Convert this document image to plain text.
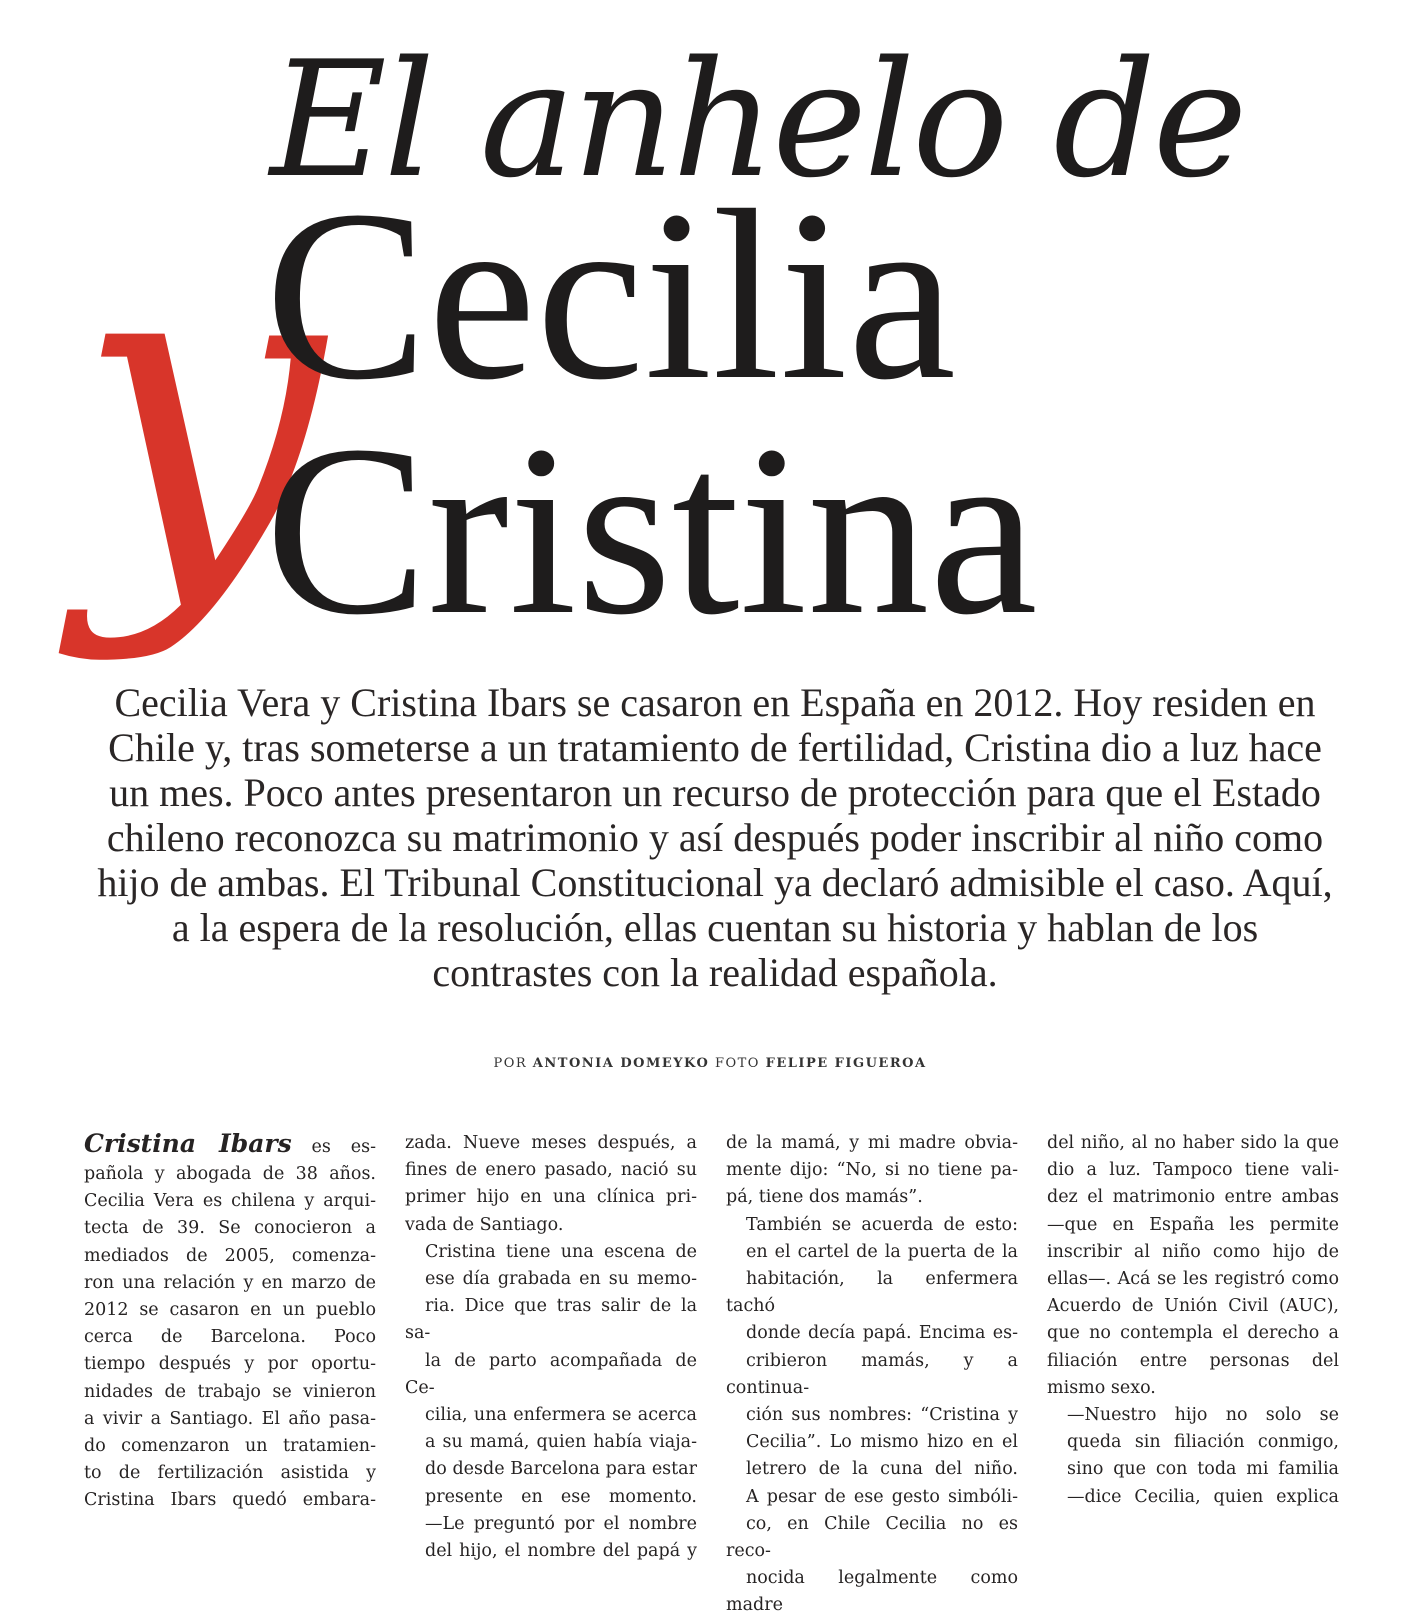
y
El anhelo de
Cecilia
Cristina
Cecilia Vera y Cristina Ibars se casaron en España en 2012. Hoy residen en Chile y, tras someterse a un tratamiento de fertilidad, Cristina dio a luz hace un mes. Poco antes presentaron un recurso de protección para que el Estado chileno reconozca su matrimonio y así después poder inscribir al niño como hijo de ambas. El Tribunal Constitucional ya declaró admisible el caso. Aquí, a la espera de la resolución, ellas cuentan su historia y hablan de los contrastes con la realidad española.
POR ANTONIA DOMEYKO FOTO FELIPE FIGUEROA

Cristina Ibars es es-
pañola y abogada de 38 años.
Cecilia Vera es chilena y arqui-
tecta de 39. Se conocieron a
mediados de 2005, comenza-
ron una relación y en marzo de
2012 se casaron en un pueblo
cerca de Barcelona. Poco
tiempo después y por oportu-
nidades de trabajo se vinieron
a vivir a Santiago. El año pasa-
do comenzaron un tratamien-
to de fertilización asistida y
Cristina Ibars quedó embara-

zada. Nueve meses después, a
fines de enero pasado, nació su
primer hijo en una clínica pri-
vada de Santiago.

Cristina tiene una escena de
ese día grabada en su memo-
ria. Dice que tras salir de la sa-
la de parto acompañada de Ce-
cilia, una enfermera se acerca
a su mamá, quien había viaja-
do desde Barcelona para estar
presente en ese momento.

—Le preguntó por el nombre
del hijo, el nombre del papá y

de la mamá, y mi madre obvia-
mente dijo: “No, si no tiene pa-
pá, tiene dos mamás”.

También se acuerda de esto:
en el cartel de la puerta de la
habitación, la enfermera tachó
donde decía papá. Encima es-
cribieron mamás, y a continua-
ción sus nombres: “Cristina y
Cecilia”. Lo mismo hizo en el
letrero de la cuna del niño.

A pesar de ese gesto simbóli-
co, en Chile Cecilia no es reco-
nocida legalmente como madre

del niño, al no haber sido la que
dio a luz. Tampoco tiene vali-
dez el matrimonio entre ambas
—que en España les permite
inscribir al niño como hijo de
ellas—. Acá se les registró como
Acuerdo de Unión Civil (AUC),
que no contempla el derecho a
filiación entre personas del
mismo sexo.

—Nuestro hijo no solo se
queda sin filiación conmigo,
sino que con toda mi familia
—dice Cecilia, quien explica
